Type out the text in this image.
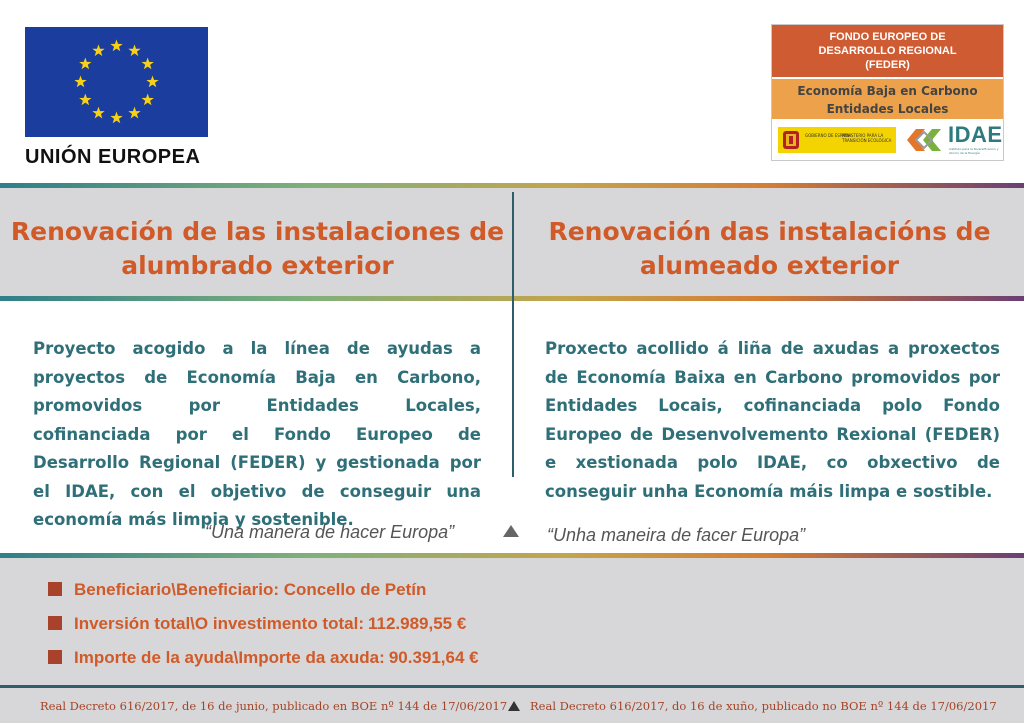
UNIÓN EUROPEA
FONDO EUROPEO DE
DESARROLLO REGIONAL
(FEDER)
Economía Baja en Carbono
Entidades Locales
GOBIERNO DE ESPAÑA
MINISTERIO PARA LA TRANSICIÓN ECOLÓGICA	IDAE
Instituto para la Diversificación y Ahorro de la Energía
Renovación de las instalaciones de
alumbrado exterior
Renovación das instalacións de
alumeado exterior
Proyecto acogido a la línea de ayudas a proyectos de Economía Baja en Carbono, promovidos por Entidades Locales, cofinanciada por el Fondo Europeo de Desarrollo Regional (FEDER) y gestionada por el IDAE, con el objetivo de conseguir una economía más limpia y sostenible.
Proxecto acollido á liña de axudas a proxectos de Economía Baixa en Carbono promovidos por Entidades Locais, cofinanciada polo Fondo Europeo de Desenvolvemento Rexional (FEDER) e xestionada polo IDAE, co obxectivo de conseguir unha Economía máis limpa e sostible.
“Una manera de hacer Europa”	“Unha maneira de facer Europa”
Beneficiario\Beneficiario: Concello de Petín
Inversión total\O investimento total: 112.989,55 €
Importe de la ayuda\Importe da axuda: 90.391,64 €
Real Decreto 616/2017, de 16 de junio, publicado en BOE nº 144 de 17/06/2017 Real Decreto 616/2017, do 16 de xuño, publicado no BOE nº 144 de 17/06/2017
